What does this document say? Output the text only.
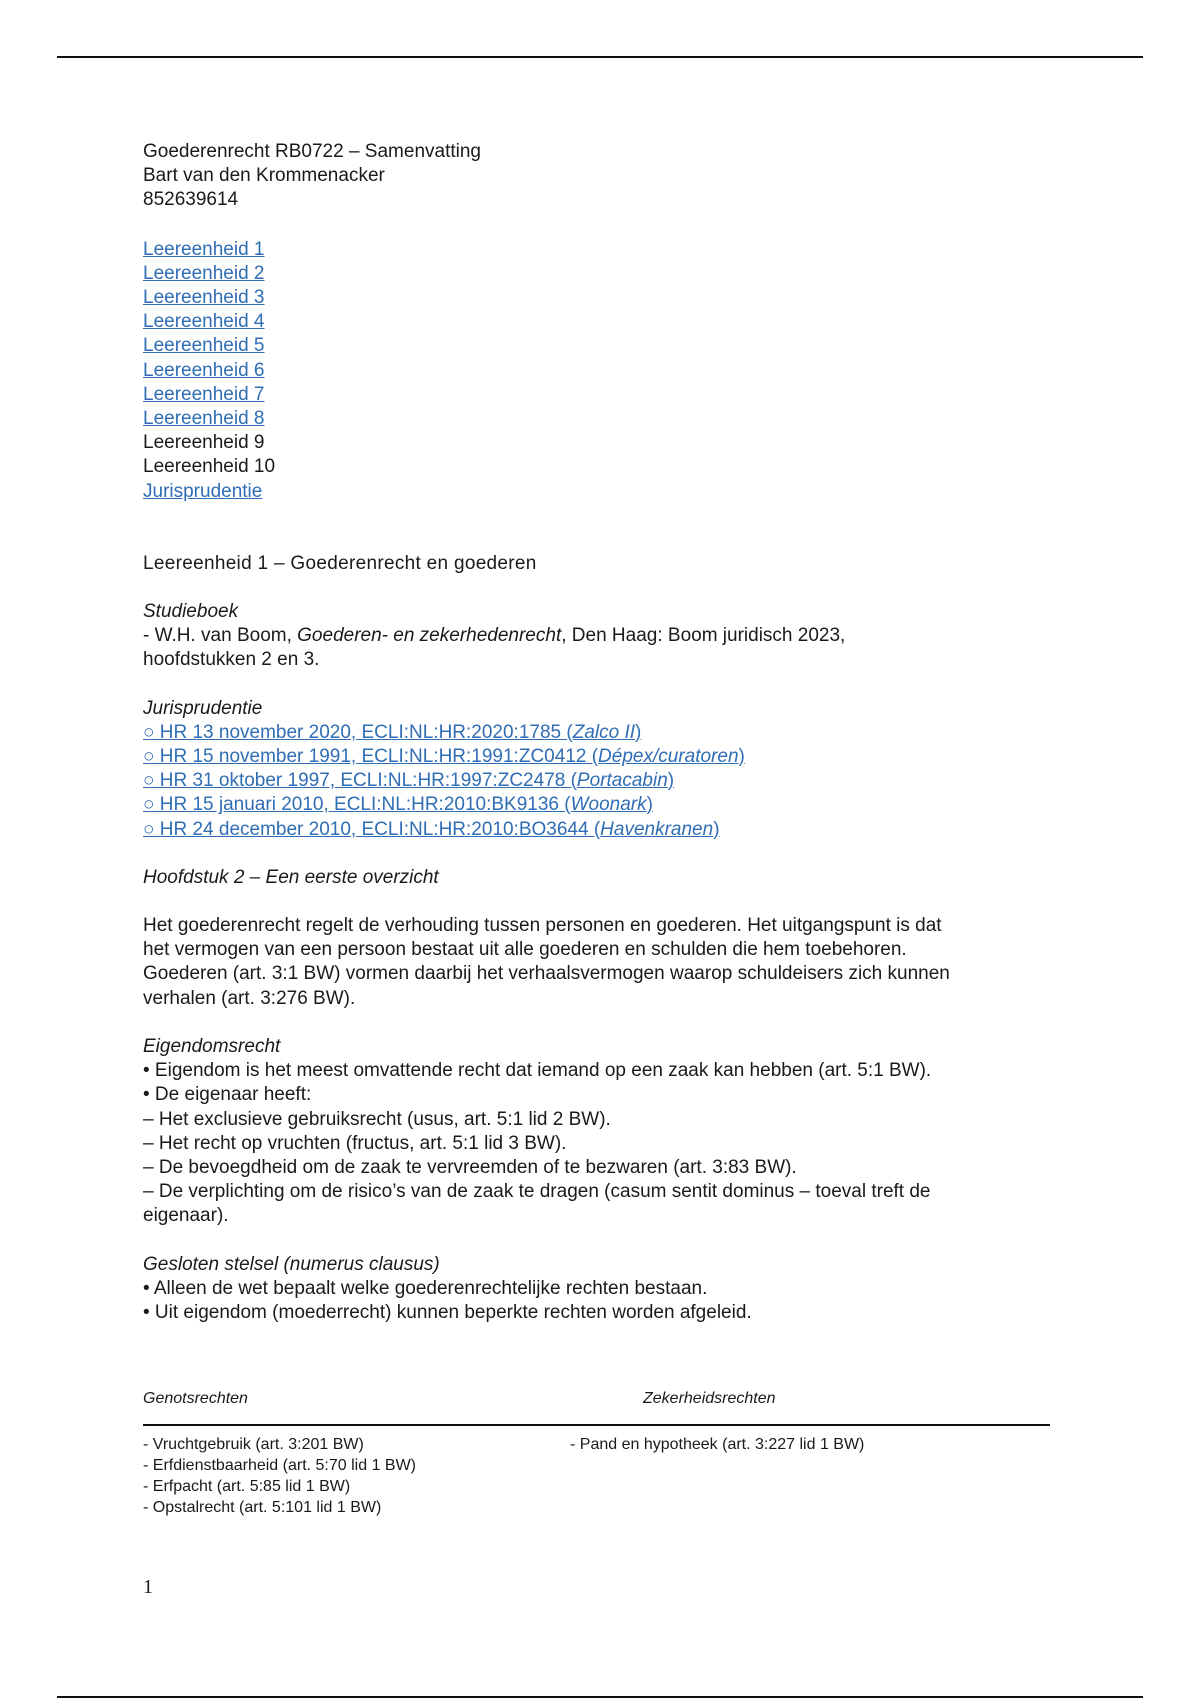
Goederenrecht RB0722 – Samenvatting
Bart van den Krommenacker
852639614
Leereenheid 1
Leereenheid 2
Leereenheid 3
Leereenheid 4
Leereenheid 5
Leereenheid 6
Leereenheid 7
Leereenheid 8
Leereenheid 9
Leereenheid 10
Jurisprudentie
Leereenheid 1 – Goederenrecht en goederen
Studieboek
- W.H. van Boom, Goederen- en zekerhedenrecht, Den Haag: Boom juridisch 2023,
hoofdstukken 2 en 3.
Jurisprudentie
○ HR 13 november 2020, ECLI:NL:HR:2020:1785 (Zalco II)
○ HR 15 november 1991, ECLI:NL:HR:1991:ZC0412 (Dépex/curatoren)
○ HR 31 oktober 1997, ECLI:NL:HR:1997:ZC2478 (Portacabin)
○ HR 15 januari 2010, ECLI:NL:HR:2010:BK9136 (Woonark)
○ HR 24 december 2010, ECLI:NL:HR:2010:BO3644 (Havenkranen)
Hoofdstuk 2 – Een eerste overzicht
Het goederenrecht regelt de verhouding tussen personen en goederen. Het uitgangspunt is dat
het vermogen van een persoon bestaat uit alle goederen en schulden die hem toebehoren.
Goederen (art. 3:1 BW) vormen daarbij het verhaalsvermogen waarop schuldeisers zich kunnen
verhalen (art. 3:276 BW).
Eigendomsrecht
• Eigendom is het meest omvattende recht dat iemand op een zaak kan hebben (art. 5:1 BW).
• De eigenaar heeft:
– Het exclusieve gebruiksrecht (usus, art. 5:1 lid 2 BW).
– Het recht op vruchten (fructus, art. 5:1 lid 3 BW).
– De bevoegdheid om de zaak te vervreemden of te bezwaren (art. 3:83 BW).
– De verplichting om de risico’s van de zaak te dragen (casum sentit dominus – toeval treft de
eigenaar).
Gesloten stelsel (numerus clausus)
• Alleen de wet bepaalt welke goederenrechtelijke rechten bestaan.
• Uit eigendom (moederrecht) kunnen beperkte rechten worden afgeleid.
Genotsrechten	Zekerheidsrechten
- Vruchtgebruik (art. 3:201 BW)
- Erfdienstbaarheid (art. 5:70 lid 1 BW)
- Erfpacht (art. 5:85 lid 1 BW)
- Opstalrecht (art. 5:101 lid 1 BW)
- Pand en hypotheek (art. 3:227 lid 1 BW)
1
